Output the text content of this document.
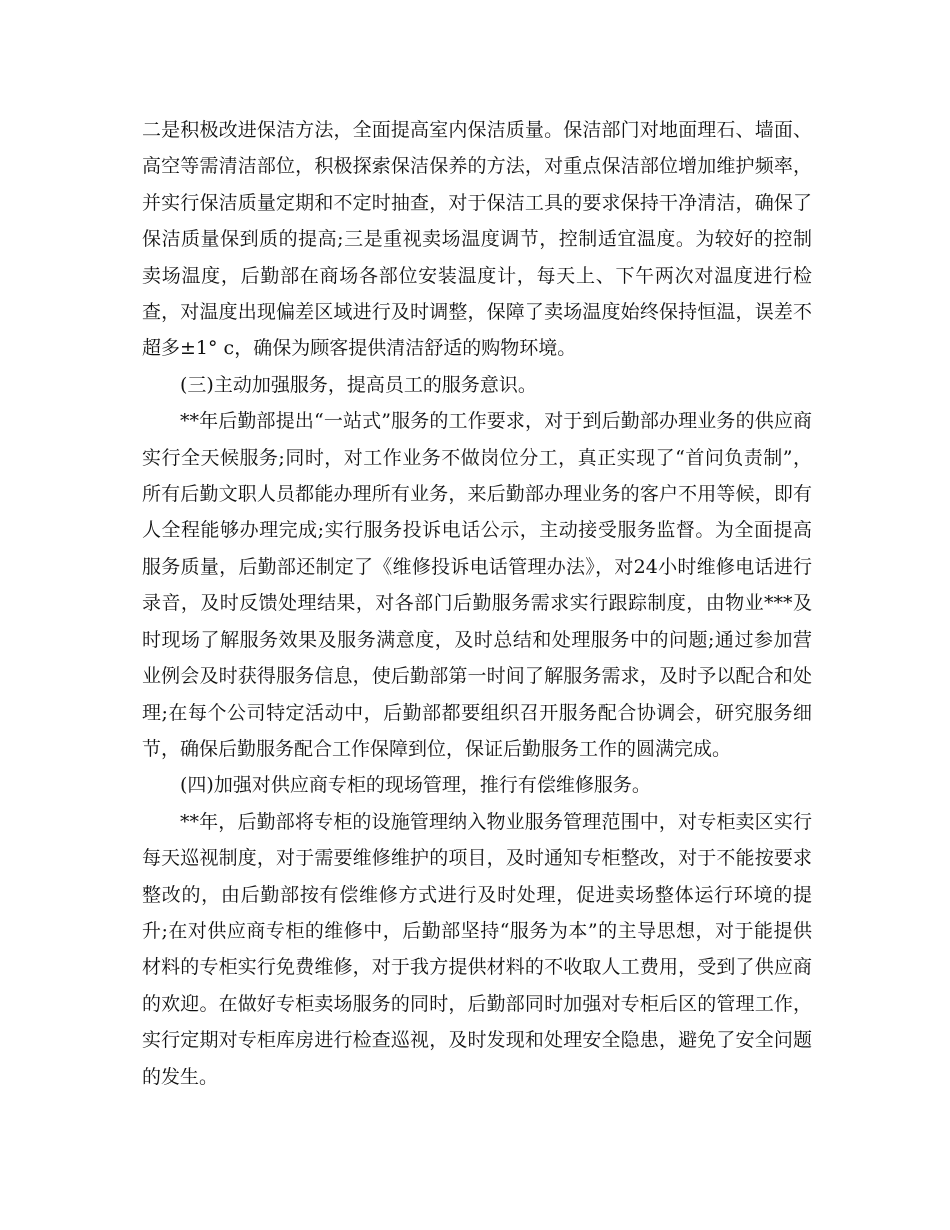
二是积极改进保洁方法，全面提高室内保洁质量。保洁部门对地面理石、墙面、高空等需清洁部位，积极探索保洁保养的方法，对重点保洁部位增加维护频率，并实行保洁质量定期和不定时抽查，对于保洁工具的要求保持干净清洁，确保了保洁质量保到质的提高;三是重视卖场温度调节，控制适宜温度。为较好的控制卖场温度，后勤部在商场各部位安装温度计，每天上、下午两次对温度进行检查，对温度出现偏差区域进行及时调整，保障了卖场温度始终保持恒温，误差不超多±1° c，确保为顾客提供清洁舒适的购物环境。

(三)主动加强服务，提高员工的服务意识。

**年后勤部提出“一站式”服务的工作要求，对于到后勤部办理业务的供应商实行全天候服务;同时，对工作业务不做岗位分工，真正实现了“首问负责制”，所有后勤文职人员都能办理所有业务，来后勤部办理业务的客户不用等候，即有人全程能够办理完成;实行服务投诉电话公示，主动接受服务监督。为全面提高服务质量，后勤部还制定了《维修投诉电话管理办法》，对24小时维修电话进行录音，及时反馈处理结果，对各部门后勤服务需求实行跟踪制度，由物业***及时现场了解服务效果及服务满意度，及时总结和处理服务中的问题;通过参加营业例会及时获得服务信息，使后勤部第一时间了解服务需求，及时予以配合和处理;在每个公司特定活动中，后勤部都要组织召开服务配合协调会，研究服务细节，确保后勤服务配合工作保障到位，保证后勤服务工作的圆满完成。

(四)加强对供应商专柜的现场管理，推行有偿维修服务。

**年，后勤部将专柜的设施管理纳入物业服务管理范围中，对专柜卖区实行每天巡视制度，对于需要维修维护的项目，及时通知专柜整改，对于不能按要求整改的，由后勤部按有偿维修方式进行及时处理，促进卖场整体运行环境的提升;在对供应商专柜的维修中，后勤部坚持“服务为本”的主导思想，对于能提供材料的专柜实行免费维修，对于我方提供材料的不收取人工费用，受到了供应商的欢迎。在做好专柜卖场服务的同时，后勤部同时加强对专柜后区的管理工作，实行定期对专柜库房进行检查巡视，及时发现和处理安全隐患，避免了安全问题的发生。
